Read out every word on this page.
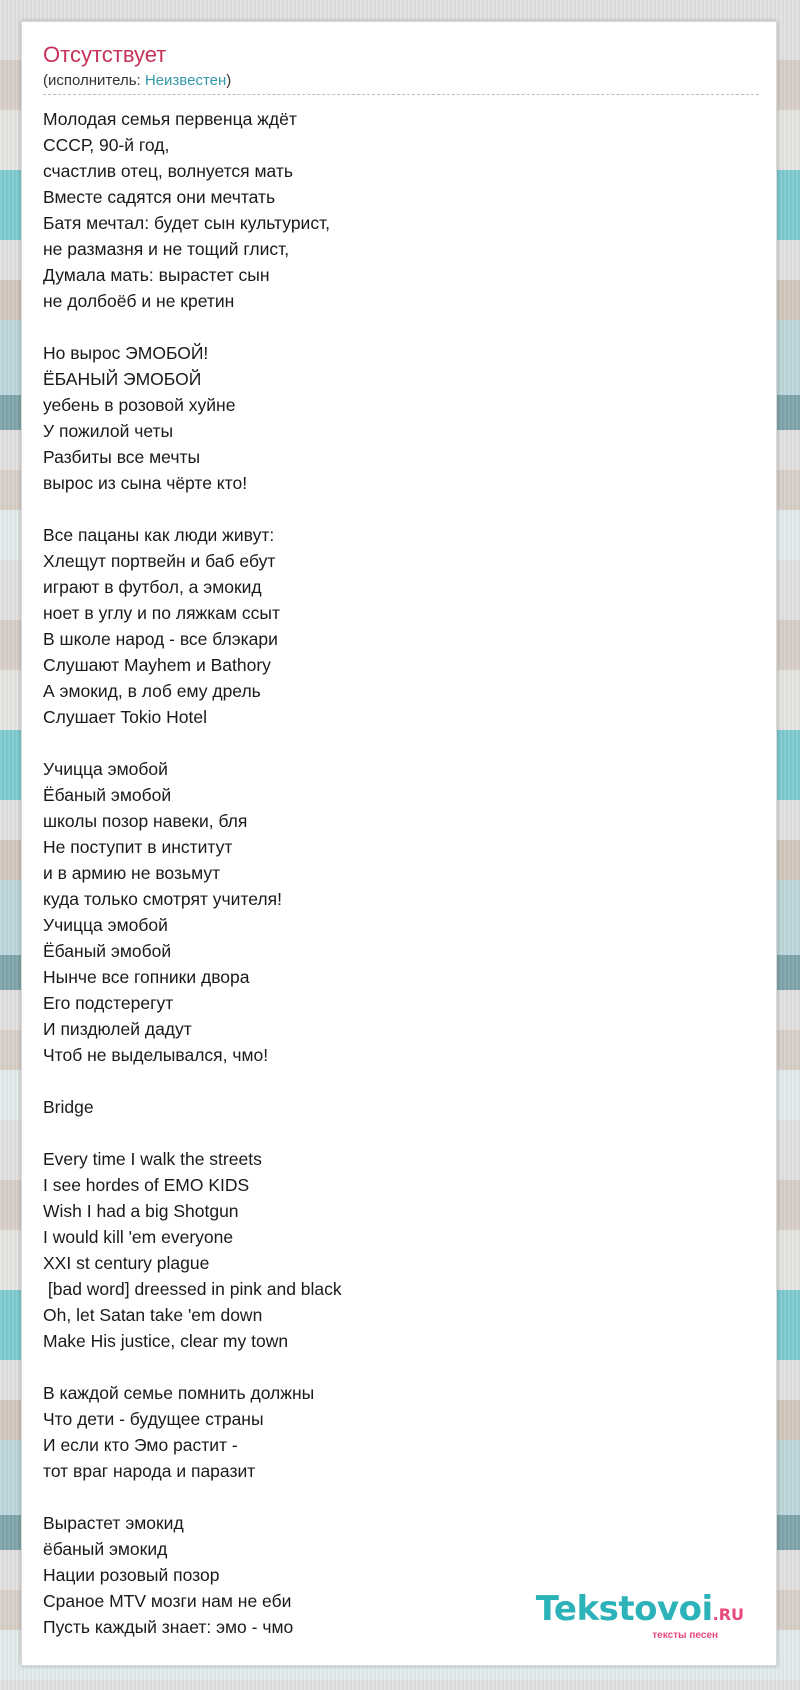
Отсутствует
(исполнитель: Неизвестен)
Молодая семья первенца ждёт
СССР, 90-й год,
счастлив отец, волнуется мать
Вместе садятся они мечтать
Батя мечтал: будет сын культурист,
не размазня и не тощий глист,
Думала мать: вырастет сын
не долбоёб и не кретин
Но вырос ЭМОБОЙ!
ЁБАНЫЙ ЭМОБОЙ
уебень в розовой хуйне
У пожилой четы
Разбиты все мечты
вырос из сына чёрте кто!
Все пацаны как люди живут:
Хлещут портвейн и баб ебут
играют в футбол, а эмокид
ноет в углу и по ляжкам ссыт
В школе народ - все блэкари
Слушают Mayhem и Bathory
А эмокид, в лоб ему дрель
Слушает Tokio Hotel
Учицца эмобой
Ёбаный эмобой
школы позор навеки, бля
Не поступит в институт
и в армию не возьмут
куда только смотрят учителя!
Учицца эмобой
Ёбаный эмобой
Нынче все гопники двора
Его подстерегут
И пиздюлей дадут
Чтоб не выделывался, чмо!
Bridge
Every time I walk the streets
I see hordes of EMO KIDS
Wish I had a big Shotgun
I would kill 'em everyone
XXI st century plague
[bad word] dreessed in pink and black
Oh, let Satan take 'em down
Make His justice, clear my town
В каждой семье помнить должны
Что дети - будущее страны
И если кто Эмо растит -
тот враг народа и паразит
Вырастет эмокид
ёбаный эмокид
Нации розовый позор
Сраное MTV мозги нам не еби
Пусть каждый знает: эмо - чмо	Tekstovoi.RU
тексты песен
